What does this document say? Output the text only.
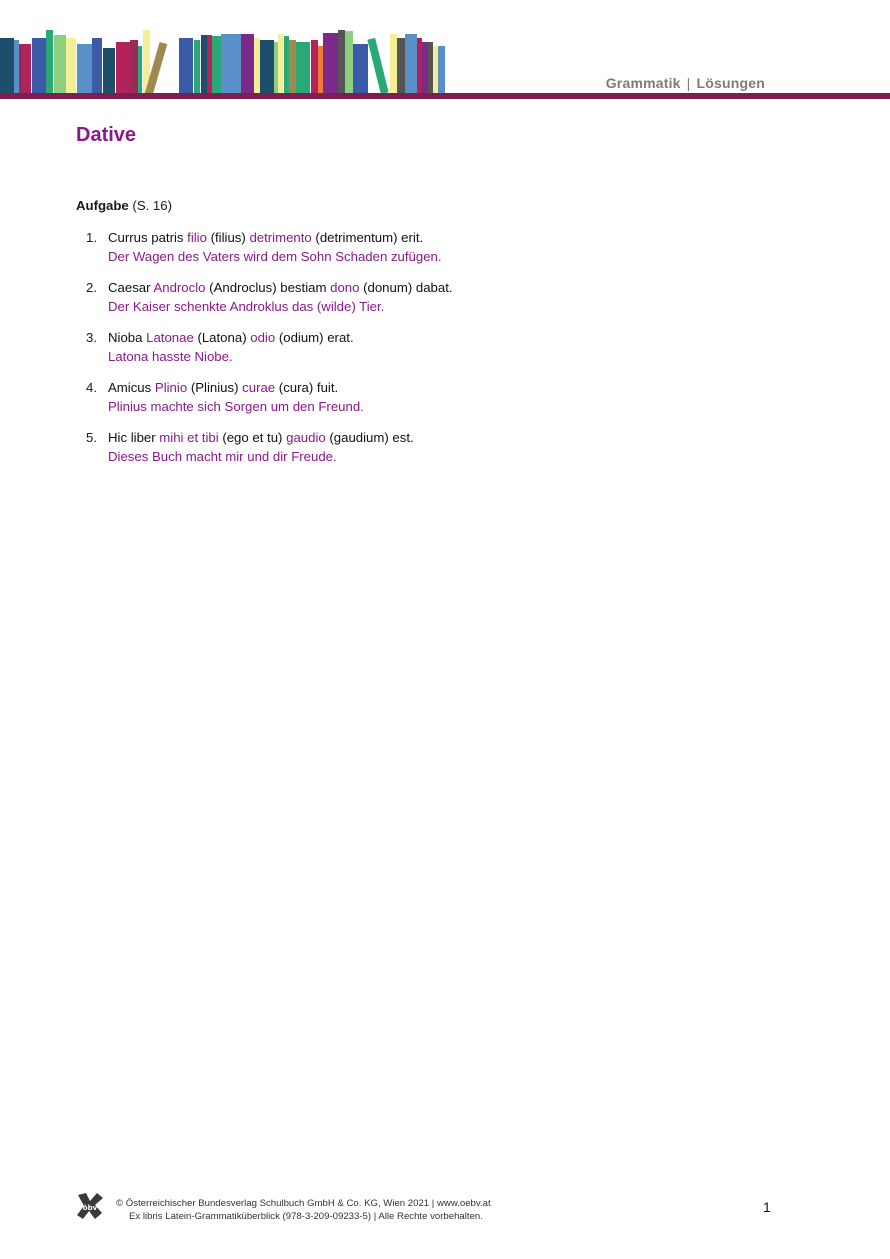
Grammatik | Lösungen
Dative
Aufgabe (S. 16)
1. Currus patris filio (filius) detrimento (detrimentum) erit.
Der Wagen des Vaters wird dem Sohn Schaden zufügen.
2. Caesar Androclo (Androclus) bestiam dono (donum) dabat.
Der Kaiser schenkte Androklus das (wilde) Tier.
3. Nioba Latonae (Latona) odio (odium) erat.
Latona hasste Niobe.
4. Amicus Plinio (Plinius) curae (cura) fuit.
Plinius machte sich Sorgen um den Freund.
5. Hic liber mihi et tibi (ego et tu) gaudio (gaudium) est.
Dieses Buch macht mir und dir Freude.
öbv © Österreichischer Bundesverlag Schulbuch GmbH & Co. KG, Wien 2021 | www.oebv.at
Ex libris Latein-Grammatiküberblick (978-3-209-09233-5) | Alle Rechte vorbehalten.
1
